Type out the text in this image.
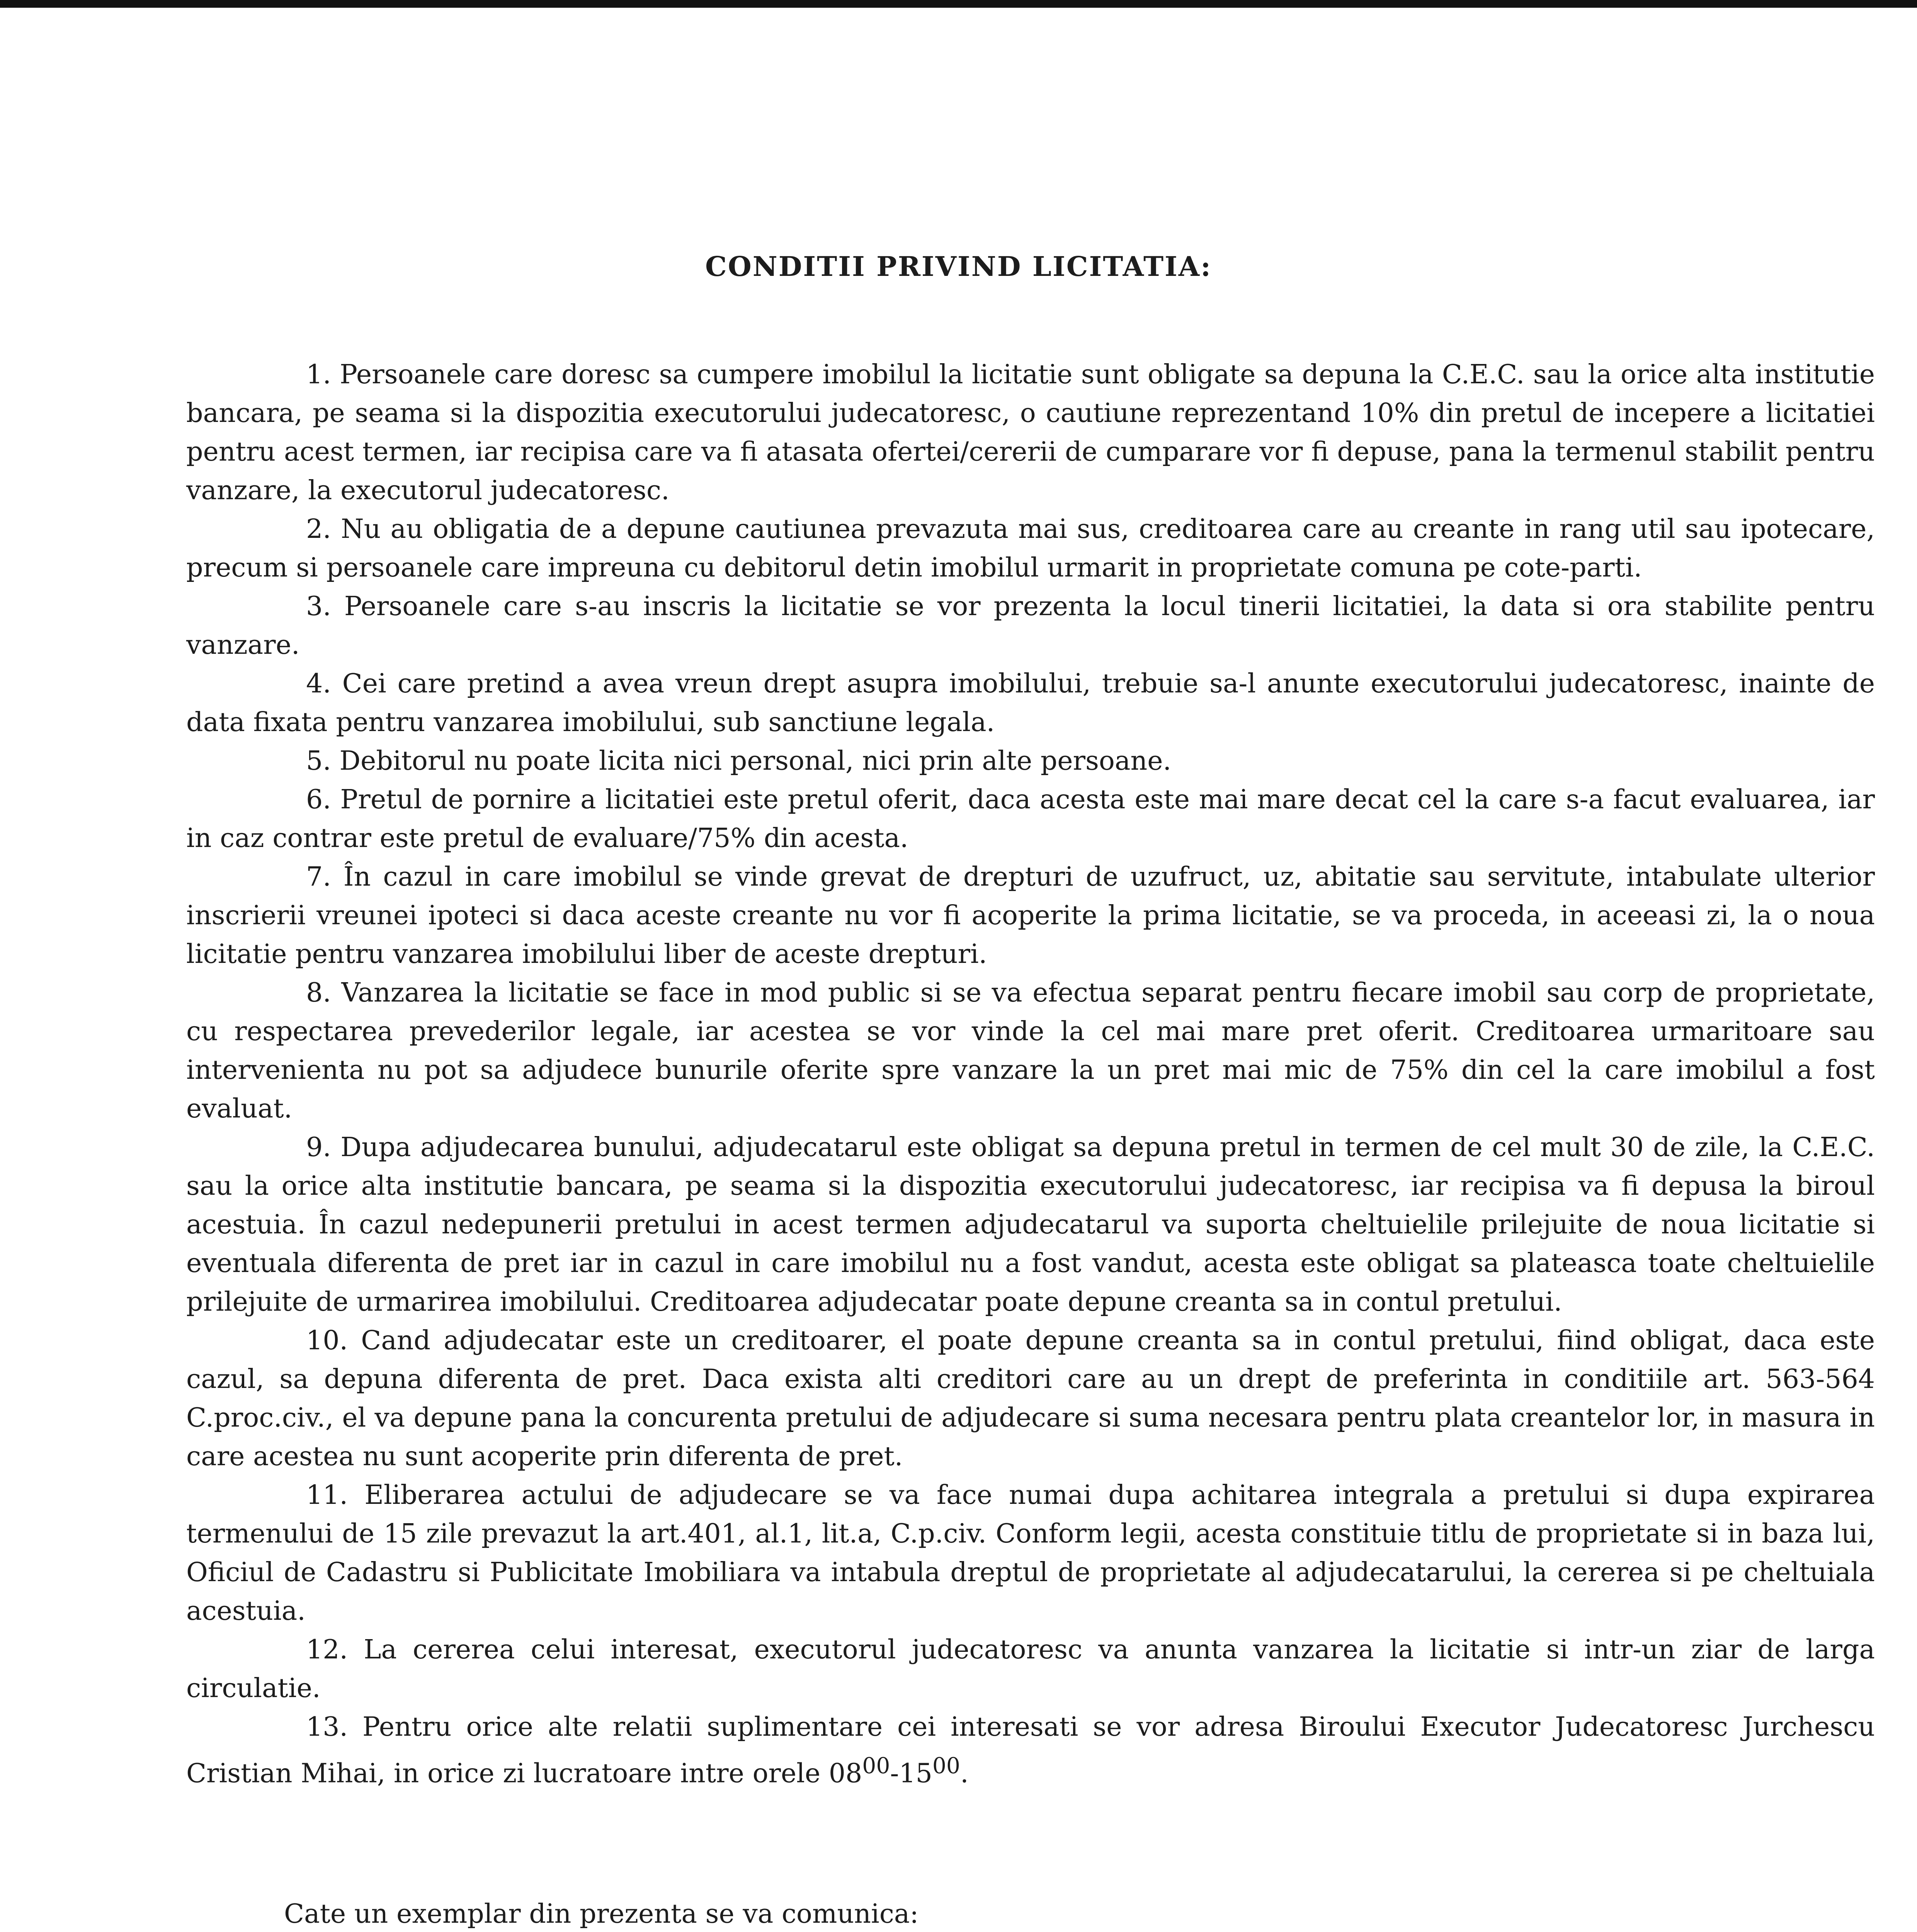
CONDITII PRIVIND LICITATIA:

1. Persoanele care doresc sa cumpere imobilul la licitatie sunt obligate sa depuna la C.E.C. sau la orice alta institutie bancara, pe seama si la dispozitia executorului judecatoresc, o cautiune reprezentand 10% din pretul de incepere a licitatiei pentru acest termen, iar recipisa care va fi atasata ofertei/cererii de cumparare vor fi depuse, pana la termenul stabilit pentru vanzare, la executorul judecatoresc.

2. Nu au obligatia de a depune cautiunea prevazuta mai sus, creditoarea care au creante in rang util sau ipotecare, precum si persoanele care impreuna cu debitorul detin imobilul urmarit in proprietate comuna pe cote-parti.

3. Persoanele care s-au inscris la licitatie se vor prezenta la locul tinerii licitatiei, la data si ora stabilite pentru vanzare.

4. Cei care pretind a avea vreun drept asupra imobilului, trebuie sa-l anunte executorului judecatoresc, inainte de data fixata pentru vanzarea imobilului, sub sanctiune legala.

5. Debitorul nu poate licita nici personal, nici prin alte persoane.

6. Pretul de pornire a licitatiei este pretul oferit, daca acesta este mai mare decat cel la care s-a facut evaluarea, iar in caz contrar este pretul de evaluare/75% din acesta.

7. În cazul in care imobilul se vinde grevat de drepturi de uzufruct, uz, abitatie sau servitute, intabulate ulterior inscrierii vreunei ipoteci si daca aceste creante nu vor fi acoperite la prima licitatie, se va proceda, in aceeasi zi, la o noua licitatie pentru vanzarea imobilului liber de aceste drepturi.

8. Vanzarea la licitatie se face in mod public si se va efectua separat pentru fiecare imobil sau corp de proprietate, cu respectarea prevederilor legale, iar acestea se vor vinde la cel mai mare pret oferit. Creditoarea urmaritoare sau intervenienta nu pot sa adjudece bunurile oferite spre vanzare la un pret mai mic de 75% din cel la care imobilul a fost evaluat.

9. Dupa adjudecarea bunului, adjudecatarul este obligat sa depuna pretul in termen de cel mult 30 de zile, la C.E.C. sau la orice alta institutie bancara, pe seama si la dispozitia executorului judecatoresc, iar recipisa va fi depusa la biroul acestuia. În cazul nedepunerii pretului in acest termen adjudecatarul va suporta cheltuielile prilejuite de noua licitatie si eventuala diferenta de pret iar in cazul in care imobilul nu a fost vandut, acesta este obligat sa plateasca toate cheltuielile prilejuite de urmarirea imobilului. Creditoarea adjudecatar poate depune creanta sa in contul pretului.

10. Cand adjudecatar este un creditoarer, el poate depune creanta sa in contul pretului, fiind obligat, daca este cazul, sa depuna diferenta de pret. Daca exista alti creditori care au un drept de preferinta in conditiile art. 563-564 C.proc.civ., el va depune pana la concurenta pretului de adjudecare si suma necesara pentru plata creantelor lor, in masura in care acestea nu sunt acoperite prin diferenta de pret.

11. Eliberarea actului de adjudecare se va face numai dupa achitarea integrala a pretului si dupa expirarea termenului de 15 zile prevazut la art.401, al.1, lit.a, C.p.civ. Conform legii, acesta constituie titlu de proprietate si in baza lui, Oficiul de Cadastru si Publicitate Imobiliara va intabula dreptul de proprietate al adjudecatarului, la cererea si pe cheltuiala acestuia.

12. La cererea celui interesat, executorul judecatoresc va anunta vanzarea la licitatie si intr-un ziar de larga circulatie.

13. Pentru orice alte relatii suplimentare cei interesati se vor adresa Biroului Executor Judecatoresc Jurchescu Cristian Mihai, in orice zi lucratoare intre orele $08^{00}-15^{00}$.

Cate un exemplar din prezenta se va comunica:
